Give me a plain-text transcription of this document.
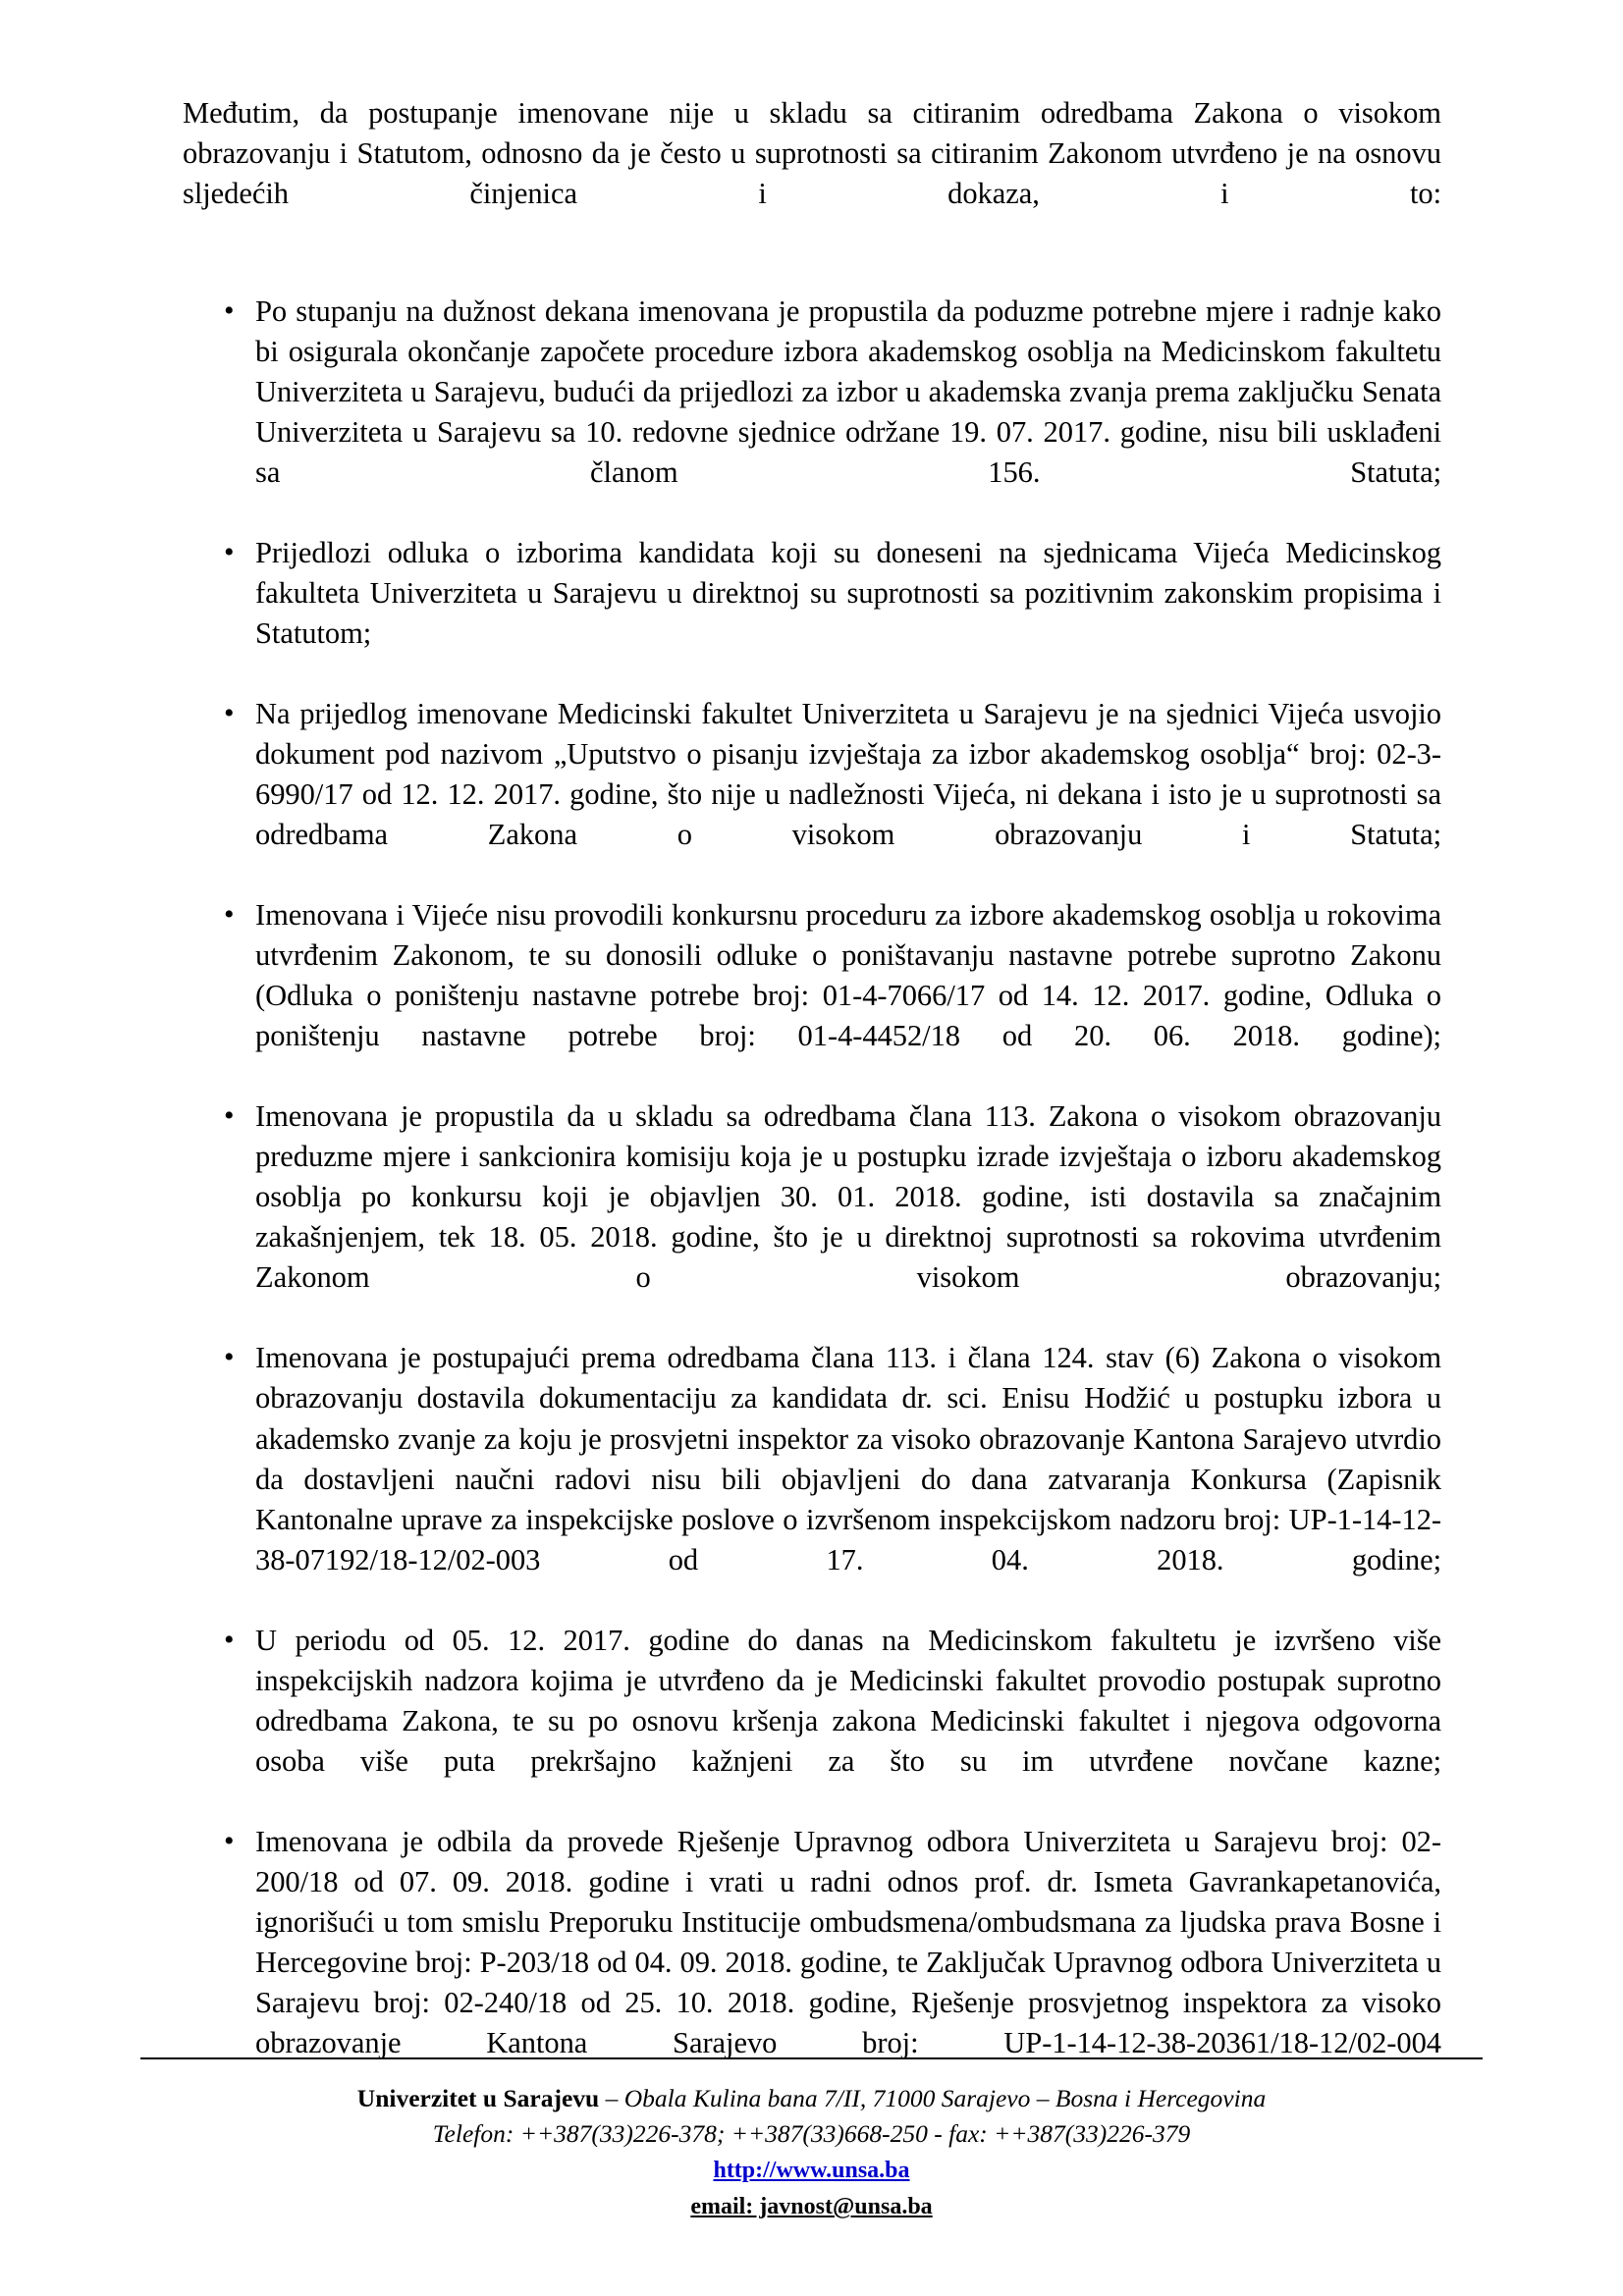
Međutim, da postupanje imenovane nije u skladu sa citiranim odredbama Zakona o visokom obrazovanju i Statutom, odnosno da je često u suprotnosti sa citiranim Zakonom utvrđeno je na osnovu sljedećih činjenica i dokaza, i to:

• Po stupanju na dužnost dekana imenovana je propustila da poduzme potrebne mjere i radnje kako bi osigurala okončanje započete procedure izbora akademskog osoblja na Medicinskom fakultetu Univerziteta u Sarajevu, budući da prijedlozi za izbor u akademska zvanja prema zaključku Senata Univerziteta u Sarajevu sa 10. redovne sjednice održane 19. 07. 2017. godine, nisu bili usklađeni sa članom 156. Statuta;
• Prijedlozi odluka o izborima kandidata koji su doneseni na sjednicama Vijeća Medicinskog fakulteta Univerziteta u Sarajevu u direktnoj su suprotnosti sa pozitivnim zakonskim propisima i Statutom;
• Na prijedlog imenovane Medicinski fakultet Univerziteta u Sarajevu je na sjednici Vijeća usvojio dokument pod nazivom „Uputstvo o pisanju izvještaja za izbor akademskog osoblja“ broj: 02-3-6990/17 od 12. 12. 2017. godine, što nije u nadležnosti Vijeća, ni dekana i isto je u suprotnosti sa odredbama Zakona o visokom obrazovanju i Statuta;
• Imenovana i Vijeće nisu provodili konkursnu proceduru za izbore akademskog osoblja u rokovima utvrđenim Zakonom, te su donosili odluke o poništavanju nastavne potrebe suprotno Zakonu (Odluka o poništenju nastavne potrebe broj: 01-4-7066/17 od 14. 12. 2017. godine, Odluka o poništenju nastavne potrebe broj: 01-4-4452/18 od 20. 06. 2018. godine);
• Imenovana je propustila da u skladu sa odredbama člana 113. Zakona o visokom obrazovanju preduzme mjere i sankcionira komisiju koja je u postupku izrade izvještaja o izboru akademskog osoblja po konkursu koji je objavljen 30. 01. 2018. godine, isti dostavila sa značajnim zakašnjenjem, tek 18. 05. 2018. godine, što je u direktnoj suprotnosti sa rokovima utvrđenim Zakonom o visokom obrazovanju;
• Imenovana je postupajući prema odredbama člana 113. i člana 124. stav (6) Zakona o visokom obrazovanju dostavila dokumentaciju za kandidata dr. sci. Enisu Hodžić u postupku izbora u akademsko zvanje za koju je prosvjetni inspektor za visoko obrazovanje Kantona Sarajevo utvrdio da dostavljeni naučni radovi nisu bili objavljeni do dana zatvaranja Konkursa (Zapisnik Kantonalne uprave za inspekcijske poslove o izvršenom inspekcijskom nadzoru broj: UP-1-14-12-38-07192/18-12/02-003 od 17. 04. 2018. godine;
• U periodu od 05. 12. 2017. godine do danas na Medicinskom fakultetu je izvršeno više inspekcijskih nadzora kojima je utvrđeno da je Medicinski fakultet provodio postupak suprotno odredbama Zakona, te su po osnovu kršenja zakona Medicinski fakultet i njegova odgovorna osoba više puta prekršajno kažnjeni za što su im utvrđene novčane kazne;
• Imenovana je odbila da provede Rješenje Upravnog odbora Univerziteta u Sarajevu broj: 02-200/18 od 07. 09. 2018. godine i vrati u radni odnos prof. dr. Ismeta Gavrankapetanovića, ignorišući u tom smislu Preporuku Institucije ombudsmena/ombudsmana za ljudska prava Bosne i Hercegovine broj: P-203/18 od 04. 09. 2018. godine, te Zaključak Upravnog odbora Univerziteta u Sarajevu broj: 02-240/18 od 25. 10. 2018. godine, Rješenje prosvjetnog inspektora za visoko obrazovanje Kantona Sarajevo broj: UP-1-14-12-38-20361/18-12/02-004
Univerzitet u Sarajevu – Obala Kulina bana 7/II, 71000 Sarajevo – Bosna i Hercegovina
Telefon: ++387(33)226-378; ++387(33)668-250 - fax: ++387(33)226-379
http://www.unsa.ba
email: javnost@unsa.ba
